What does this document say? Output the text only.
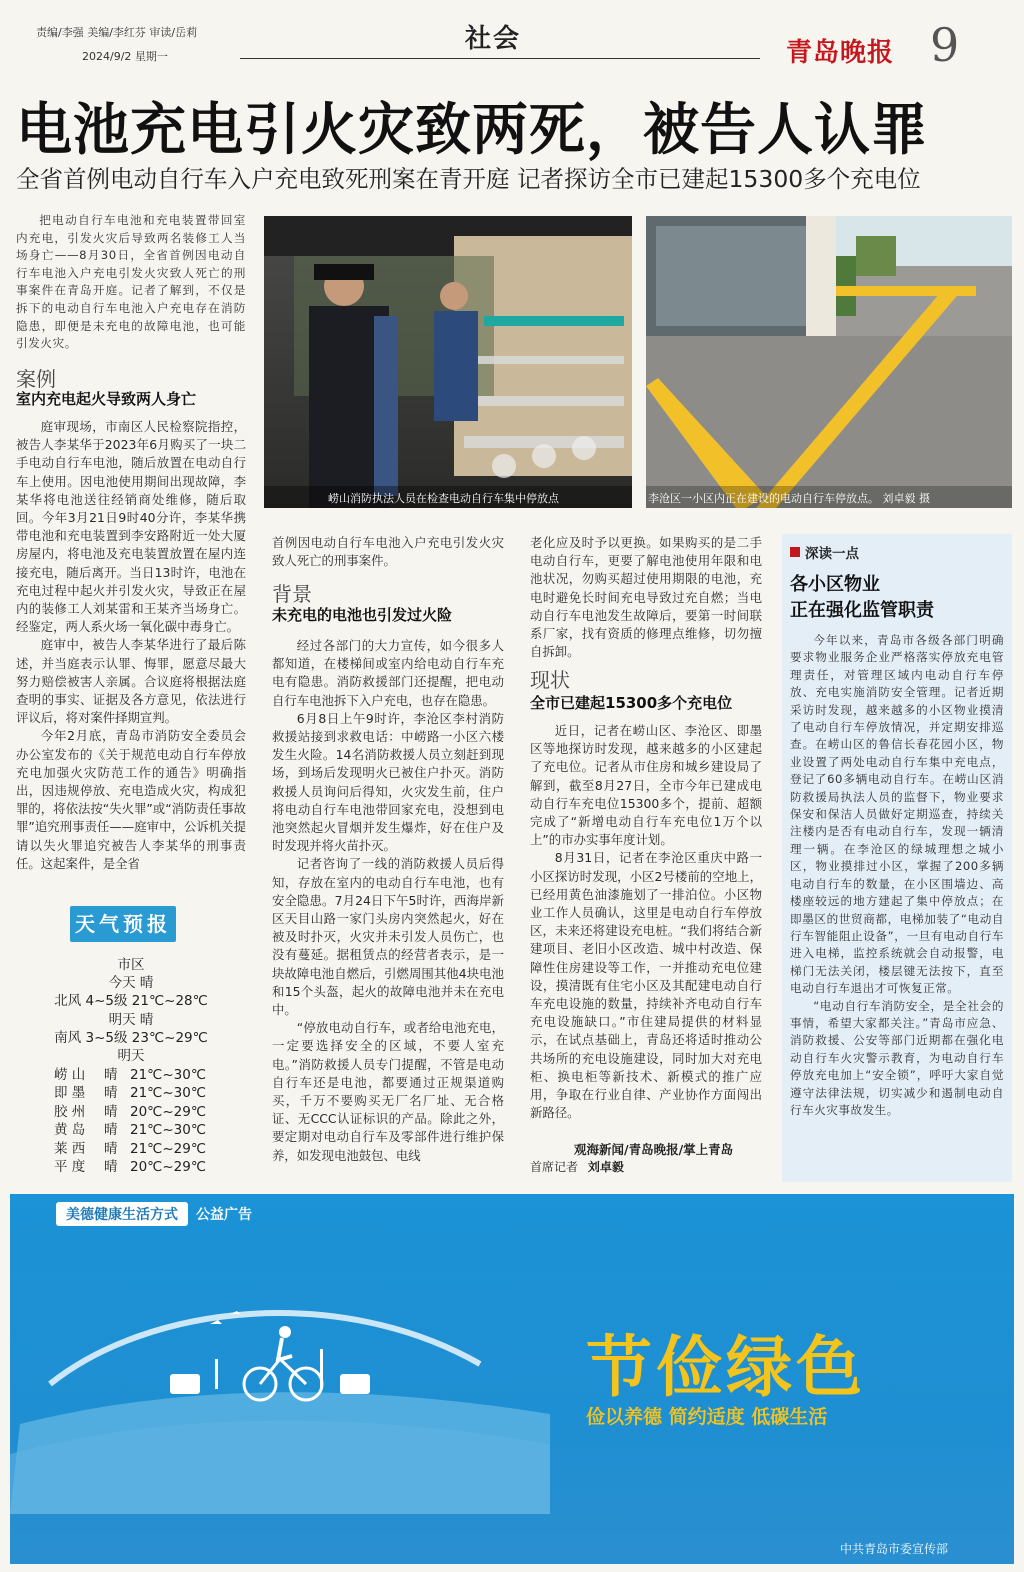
责编/李强 美编/李红芬 审读/岳莉
2024/9/2 星期一
社会	青岛晚报 9
电池充电引火灾致两死，被告人认罪
全省首例电动自行车入户充电致死刑案在青开庭 记者探访全市已建起15300多个充电位
把电动自行车电池和充电装置带回室内充电，引发火灾后导致两名装修工人当场身亡——8月30日，全省首例因电动自行车电池入户充电引发火灾致人死亡的刑事案件在青岛开庭。记者了解到，不仅是拆下的电动自行车电池入户充电存在消防隐患，即便是未充电的故障电池，也可能引发火灾。
案例
室内充电起火导致两人身亡

庭审现场，市南区人民检察院指控，被告人李某华于2023年6月购买了一块二手电动自行车电池，随后放置在电动自行车上使用。因电池使用期间出现故障，李某华将电池送往经销商处维修，随后取回。今年3月21日9时40分许，李某华携带电池和充电装置到李安路附近一处大厦房屋内，将电池及充电装置放置在屋内连接充电，随后离开。当日13时许，电池在充电过程中起火并引发火灾，导致正在屋内的装修工人刘某雷和王某齐当场身亡。经鉴定，两人系火场一氧化碳中毒身亡。

庭审中，被告人李某华进行了最后陈述，并当庭表示认罪、悔罪，愿意尽最大努力赔偿被害人亲属。合议庭将根据法庭查明的事实、证据及各方意见，依法进行评议后，将对案件择期宣判。

今年2月底，青岛市消防安全委员会办公室发布的《关于规范电动自行车停放充电加强火灾防范工作的通告》明确指出，因违规停放、充电造成火灾，构成犯罪的，将依法按“失火罪”或“消防责任事故罪”追究刑事责任——庭审中，公诉机关提请以失火罪追究被告人李某华的刑事责任。这起案件，是全省

崂山消防执法人员在检查电动自行车集中停放点	李沧区一小区内正在建设的电动自行车停放点。 刘卓毅 摄
首例因电动自行车电池入户充电引发火灾致人死亡的刑事案件。
背景
未充电的电池也引发过火险

经过各部门的大力宣传，如今很多人都知道，在楼梯间或室内给电动自行车充电有隐患。消防救援部门还提醒，把电动自行车电池拆下入户充电，也存在隐患。

6月8日上午9时许，李沧区李村消防救援站接到求救电话：中崂路一小区六楼发生火险。14名消防救援人员立刻赶到现场，到场后发现明火已被住户扑灭。消防救援人员询问后得知，火灾发生前，住户将电动自行车电池带回家充电，没想到电池突然起火冒烟并发生爆炸，好在住户及时发现并将火苗扑灭。

记者咨询了一线的消防救援人员后得知，存放在室内的电动自行车电池，也有安全隐患。7月24日下午5时许，西海岸新区天目山路一家门头房内突然起火，好在被及时扑灭，火灾并未引发人员伤亡，也没有蔓延。据租赁点的经营者表示，是一块故障电池自燃后，引燃周围其他4块电池和15个头盔，起火的故障电池并未在充电中。

“停放电动自行车，或者给电池充电，一定要选择安全的区域，不要人室充电。”消防救援人员专门提醒，不管是电动自行车还是电池，都要通过正规渠道购买，千万不要购买无厂名厂址、无合格证、无CCC认证标识的产品。除此之外，要定期对电动自行车及零部件进行维护保养，如发现电池鼓包、电线

老化应及时予以更换。如果购买的是二手电动自行车，更要了解电池使用年限和电池状况，勿购买超过使用期限的电池，充电时避免长时间充电导致过充自燃；当电动自行车电池发生故障后，要第一时间联系厂家，找有资质的修理点维修，切勿擅自拆卸。
现状
全市已建起15300多个充电位

近日，记者在崂山区、李沧区、即墨区等地探访时发现，越来越多的小区建起了充电位。记者从市住房和城乡建设局了解到，截至8月27日，全市今年已建成电动自行车充电位15300多个，提前、超额完成了“新增电动自行车充电位1万个以上”的市办实事年度计划。

8月31日，记者在李沧区重庆中路一小区探访时发现，小区2号楼前的空地上，已经用黄色油漆施划了一排泊位。小区物业工作人员确认，这里是电动自行车停放区，未来还将建设充电桩。“我们将结合新建项目、老旧小区改造、城中村改造、保障性住房建设等工作，一并推动充电位建设，摸清既有住宅小区及其配建电动自行车充电设施的数量，持续补齐电动自行车充电设施缺口。”市住建局提供的材料显示，在试点基础上，青岛还将适时推动公共场所的充电设施建设，同时加大对充电柜、换电柜等新技术、新模式的推广应用，争取在行业自律、产业协作方面闯出新路径。

观海新闻/青岛晚报/掌上青岛
首席记者 刘卓毅
深读一点
各小区物业
正在强化监管职责

今年以来，青岛市各级各部门明确要求物业服务企业严格落实停放充电管理责任，对管理区域内电动自行车停放、充电实施消防安全管理。记者近期采访时发现，越来越多的小区物业摸清了电动自行车停放情况，并定期安排巡查。在崂山区的鲁信长春花园小区，物业设置了两处电动自行车集中充电点，登记了60多辆电动自行车。在崂山区消防救援局执法人员的监督下，物业要求保安和保洁人员做好定期巡查，持续关注楼内是否有电动自行车，发现一辆清理一辆。在李沧区的绿城理想之城小区，物业摸排过小区，掌握了200多辆电动自行车的数量，在小区围墙边、高楼座较远的地方建起了集中停放点；在即墨区的世贸商都，电梯加装了“电动自行车智能阻止设备”，一旦有电动自行车进入电梯，监控系统就会自动报警，电梯门无法关闭，楼层键无法按下，直至电动自行车退出才可恢复正常。

“电动自行车消防安全，是全社会的事情，希望大家都关注。”青岛市应急、消防救援、公安等部门近期都在强化电动自行车火灾警示教育，为电动自行车停放充电加上“安全锁”，呼吁大家自觉遵守法律法规，切实减少和遏制电动自行车火灾事故发生。

天气预报
市区
今天 晴
北风 4~5级 21℃~28℃
明天 晴
南风 3~5级 23℃~29℃
明天
崂 山 晴 21℃~30℃
即 墨 晴 21℃~30℃
胶 州 晴 20℃~29℃
黄 岛 晴 21℃~30℃
莱 西 晴 21℃~29℃
平 度 晴 20℃~29℃
美德健康生活方式	公益广告
节俭绿色
俭以养德 简约适度 低碳生活
中共青岛市委宣传部
